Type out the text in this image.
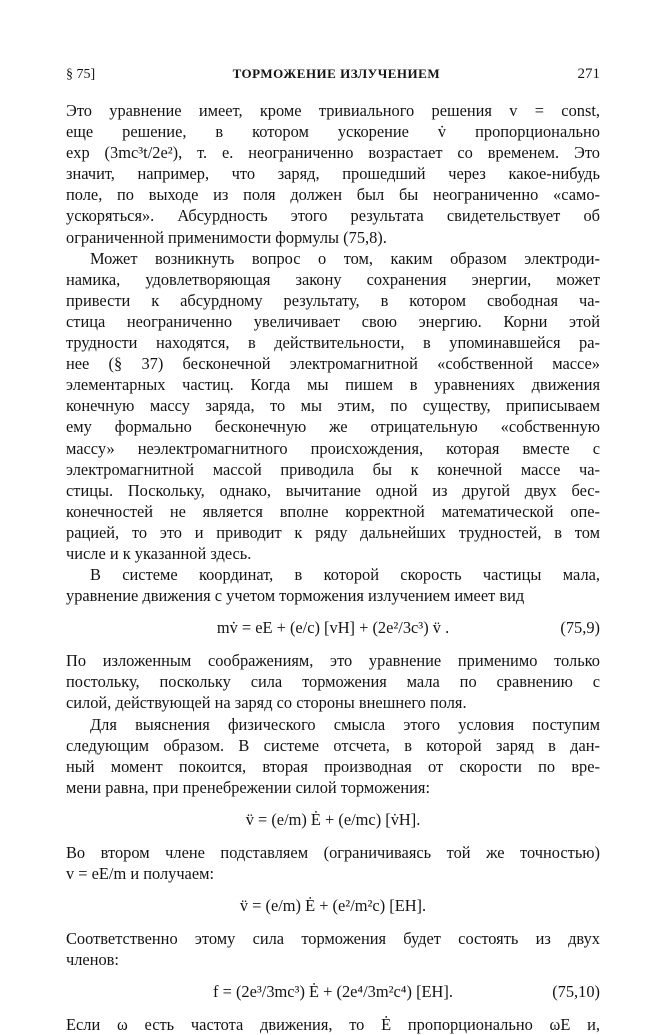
§ 75]	ТОРМОЖЕНИЕ ИЗЛУЧЕНИЕМ	271
Это уравнение имеет, кроме тривиального решения v = const,
еще решение, в котором ускорение v̇ пропорционально
exp (3mc³t/2e²), т. е. неограниченно возрастает со временем. Это
значит, например, что заряд, прошедший через какое-нибудь
поле, по выходе из поля должен был бы неограниченно «само-
ускоряться». Абсурдность этого результата свидетельствует об
ограниченной применимости формулы (75,8).
Может возникнуть вопрос о том, каким образом электроди-
намика, удовлетворяющая закону сохранения энергии, может
привести к абсурдному результату, в котором свободная ча-
стица неограниченно увеличивает свою энергию. Корни этой
трудности находятся, в действительности, в упоминавшейся ра-
нее (§ 37) бесконечной электромагнитной «собственной массе»
элементарных частиц. Когда мы пишем в уравнениях движения
конечную массу заряда, то мы этим, по существу, приписываем
ему формально бесконечную же отрицательную «собственную
массу» неэлектромагнитного происхождения, которая вместе с
электромагнитной массой приводила бы к конечной массе ча-
стицы. Поскольку, однако, вычитание одной из другой двух бес-
конечностей не является вполне корректной математической опе-
рацией, то это и приводит к ряду дальнейших трудностей, в том
числе и к указанной здесь.
В системе координат, в которой скорость частицы мала,
уравнение движения с учетом торможения излучением имеет вид
mv̇ = eE + (e/c) [vH] + (2e²/3c³) v̈ .	(75,9)
По изложенным соображениям, это уравнение применимо только
постольку, поскольку сила торможения мала по сравнению с
силой, действующей на заряд со стороны внешнего поля.
Для выяснения физического смысла этого условия поступим
следующим образом. В системе отсчета, в которой заряд в дан-
ный момент покоится, вторая производная от скорости по вре-
мени равна, при пренебрежении силой торможения:
v̈ = (e/m) Ė + (e/mc) [v̇H].
Во втором члене подставляем (ограничиваясь той же точностью)
v = eE/m и получаем:
v̈ = (e/m) Ė + (e²/m²c) [EH].
Соответственно этому сила торможения будет состоять из двух
членов:
f = (2e³/3mc³) Ė + (2e⁴/3m²c⁴) [EH].	(75,10)
Если ω есть частота движения, то Ė пропорционально ωE и,
